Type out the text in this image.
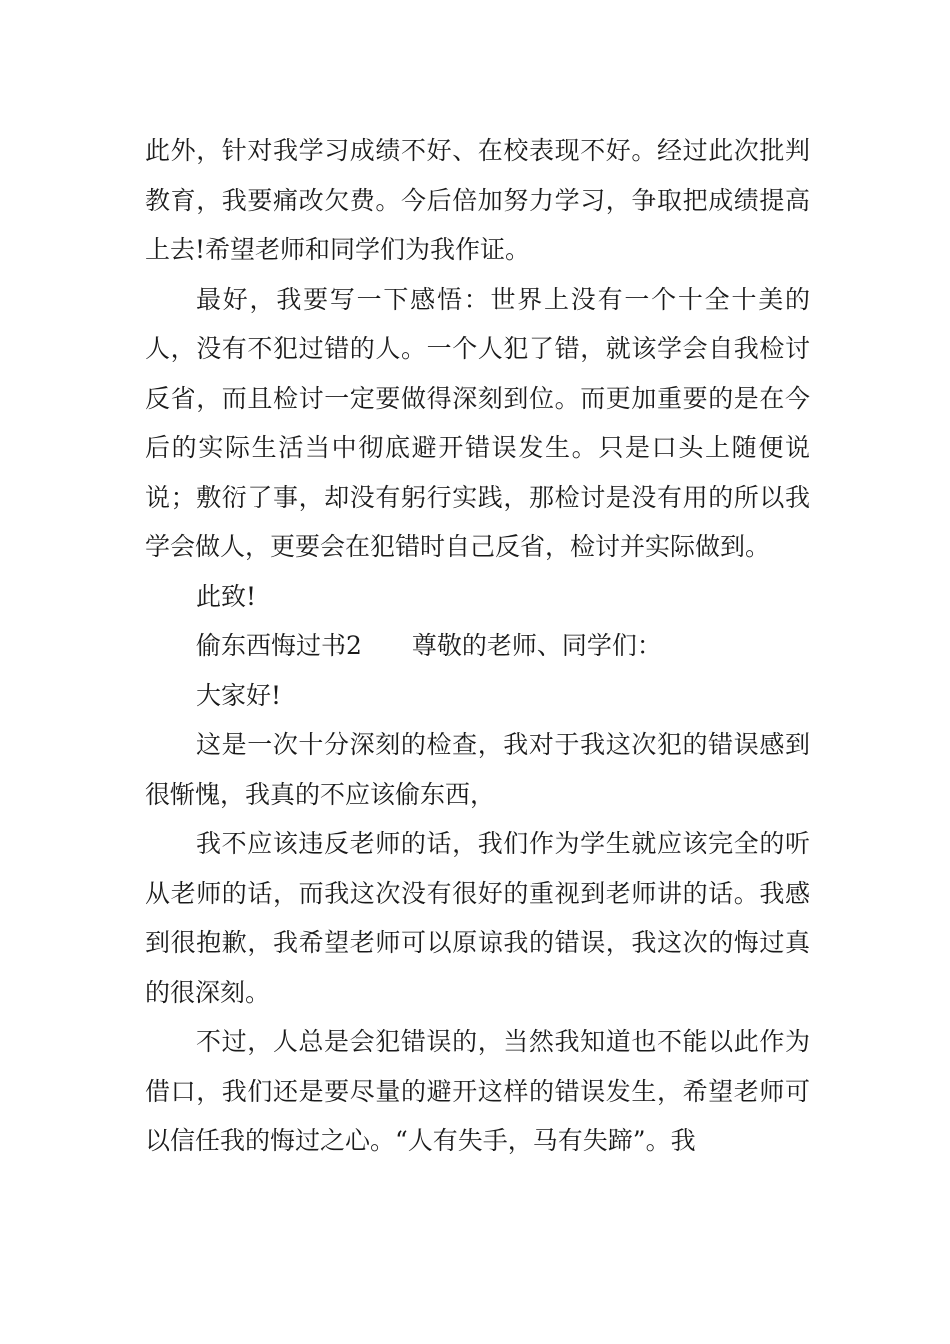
此外，针对我学习成绩不好、在校表现不好。经过此次批判教育，我要痛改欠费。今后倍加努力学习，争取把成绩提高上去!希望老师和同学们为我作证。

最好，我要写一下感悟：世界上没有一个十全十美的人，没有不犯过错的人。一个人犯了错，就该学会自我检讨反省，而且检讨一定要做得深刻到位。而更加重要的是在今后的实际生活当中彻底避开错误发生。只是口头上随便说说；敷衍了事，却没有躬行实践，那检讨是没有用的所以我学会做人，更要会在犯错时自己反省，检讨并实际做到。

此致!

偷东西悔过书2 尊敬的老师、同学们：

大家好!

这是一次十分深刻的检查，我对于我这次犯的错误感到很惭愧，我真的不应该偷东西，

我不应该违反老师的话，我们作为学生就应该完全的听从老师的话，而我这次没有很好的重视到老师讲的话。我感到很抱歉，我希望老师可以原谅我的错误，我这次的悔过真的很深刻。

不过，人总是会犯错误的，当然我知道也不能以此作为借口，我们还是要尽量的避开这样的错误发生，希望老师可以信任我的悔过之心。“人有失手，马有失蹄”。我
